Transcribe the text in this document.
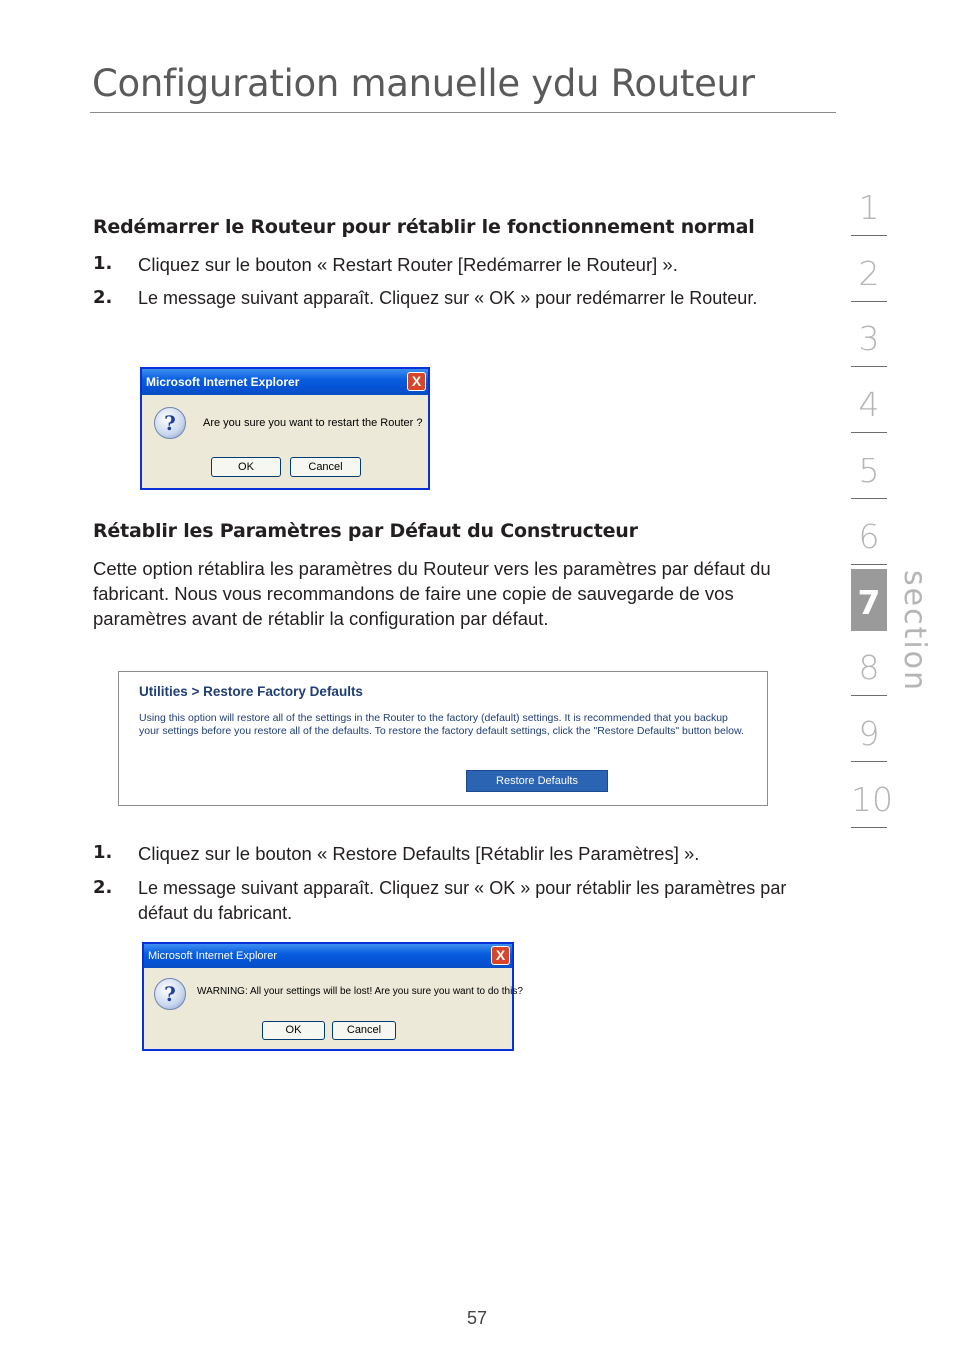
Configuration manuelle ydu Routeur
1
2
3
4
5
6
7
8
9
10
section
Redémarrer le Routeur pour rétablir le fonctionnement normal
1. Cliquez sur le bouton « Restart Router [Redémarrer le Routeur] ».
2. Le message suivant apparaît. Cliquez sur « OK » pour redémarrer le Routeur.
Microsoft Internet Explorer	X
?	Are you sure you want to restart the Router ?
OK	Cancel
Rétablir les Paramètres par Défaut du Constructeur
Cette option rétablira les paramètres du Routeur vers les paramètres par défaut du fabricant. Nous vous recommandons de faire une copie de sauvegarde de vos paramètres avant de rétablir la configuration par défaut.
Utilities > Restore Factory Defaults
Using this option will restore all of the settings in the Router to the factory (default) settings. It is recommended that you backup your settings before you restore all of the defaults. To restore the factory default settings, click the "Restore Defaults" button below.
Restore Defaults
1. Cliquez sur le bouton « Restore Defaults [Rétablir les Paramètres] ».
2. Le message suivant apparaît. Cliquez sur « OK » pour rétablir les paramètres par défaut du fabricant.
Microsoft Internet Explorer	X
?	WARNING: All your settings will be lost! Are you sure you want to do this?
OK	Cancel
57
